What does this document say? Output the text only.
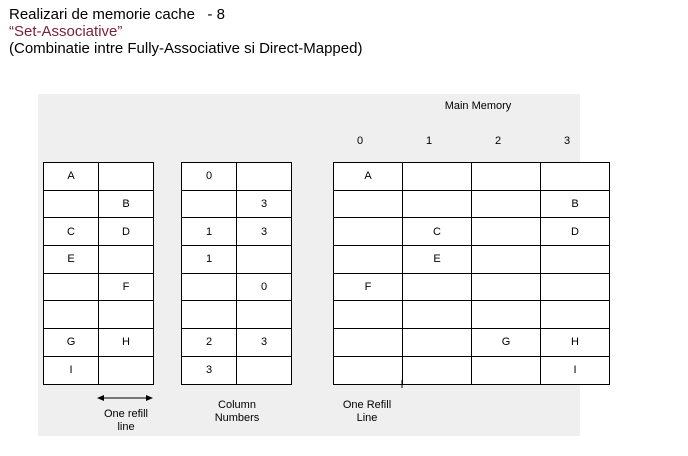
Realizari de memorie cache   - 8
“Set-Associative”
(Combinatie intre Fully-Associative si Direct-Mapped)
Main Memory
0	1	2	3
A	
	B
C	D
E	
	F

G	H
I	
0	
	3
1	3
1	
	0

2	3
3	
A			
			B
	C		D
	E		
F			

		G	H
			I
One refill
line
Column
Numbers
One Refill
Line
